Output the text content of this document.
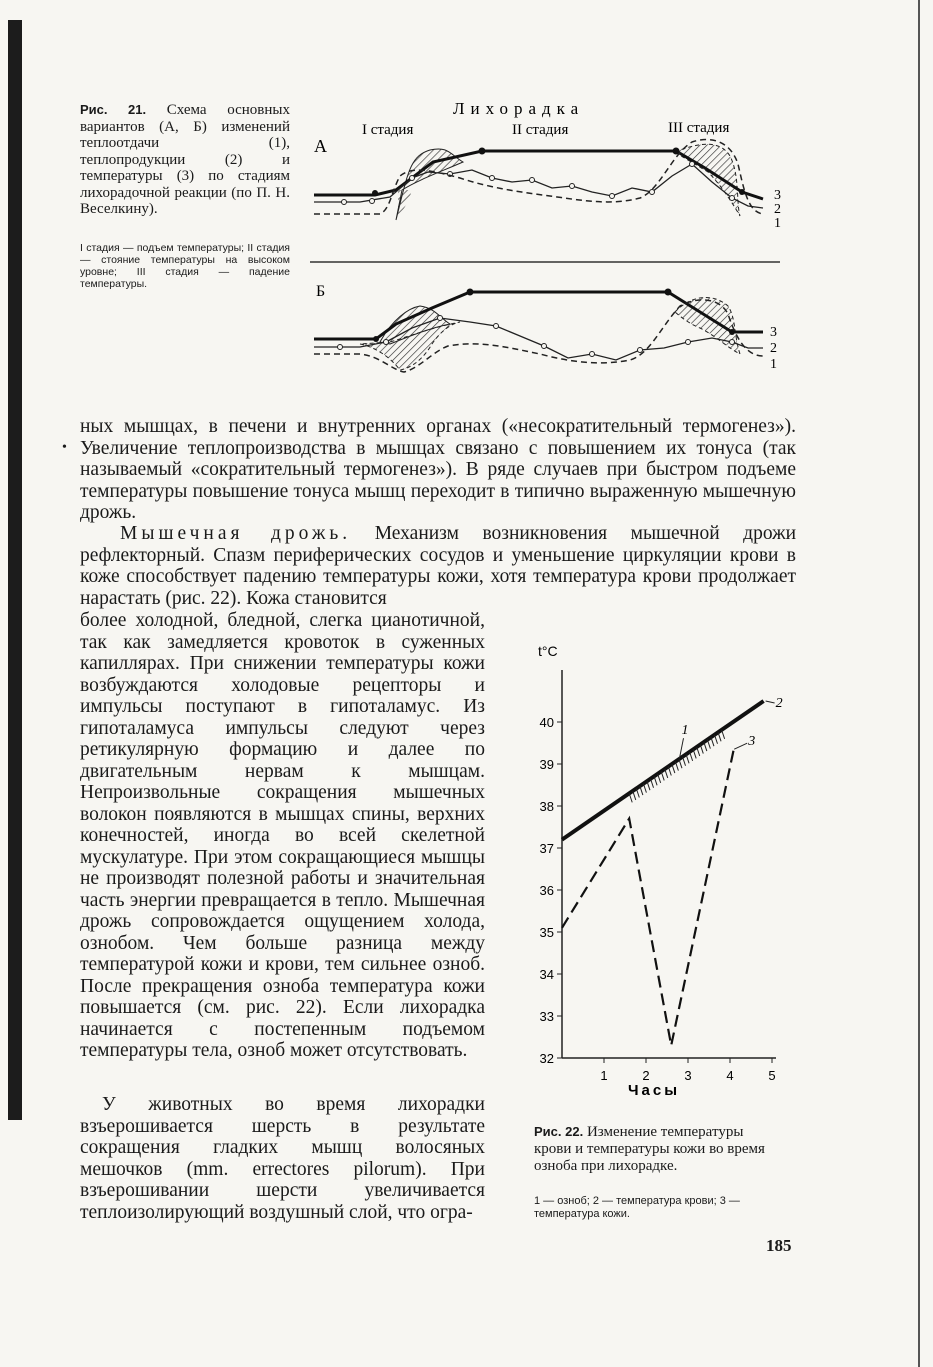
Рис. 21. Схема основных вариантов (А, Б) изменений теплоотдачи (1), теплопродукции (2) и температуры (3) по стадиям лихорадочной реакции (по П. Н. Веселкину).
I стадия — подъем температуры; II стадия — стояние температуры на высоком уровне; III стадия — падение температуры.
Лихорадка
I стадия	II стадия	III стадия
А
3
2
1
Б
3
2
1
•
ных мышцах, в печени и внутренних органах («несократительный термогенез»). Увеличение теплопроизводства в мышцах связано с повышением их тонуса (так называемый «сократительный термогенез»). В ряде случаев при быстром подъеме температуры повышение тонуса мышц переходит в типично выраженную мышечную дрожь.

Мышечная дрожь. Механизм возникновения мышечной дрожи рефлекторный. Спазм периферических сосудов и уменьшение циркуляции крови в коже способствует падению температуры кожи, хотя температура крови продолжает нарастать (рис. 22). Кожа становится

более холодной, бледной, слегка цианотичной, так как замедляется кровоток в суженных капиллярах. При снижении температуры кожи возбуждаются холодовые рецепторы и импульсы поступают в гипоталамус. Из гипоталамуса импульсы следуют через ретикулярную формацию и далее по двигательным нервам к мышцам. Непроизвольные сокращения мышечных волокон появляются в мышцах спины, верхних конечностей, иногда во всей скелетной мускулатуре. При этом сокращающиеся мышцы не производят полезной работы и значительная часть энергии превращается в тепло. Мышечная дрожь сопровождается ощущением холода, ознобом. Чем больше разница между температурой кожи и крови, тем сильнее озноб. После прекращения озноба температура кожи повышается (см. рис. 22). Если лихорадка начинается с постепенным подъемом температуры тела, озноб может отсутствовать.

У животных во время лихорадки взъерошивается шерсть в результате сокращения гладких мышц волосяных мешочков (mm. errectores pilorum). При взъерошивании шерсти увеличивается теплоизолирующий воздушный слой, что огра-

t°C
Часы
32
33
34
35
36
37
38
39
40
1	2	3	4	5
2
3
1
Рис. 22. Изменение температуры крови и температуры кожи во время озноба при лихорадке.
1 — озноб; 2 — температура крови; 3 — температура кожи.
185
